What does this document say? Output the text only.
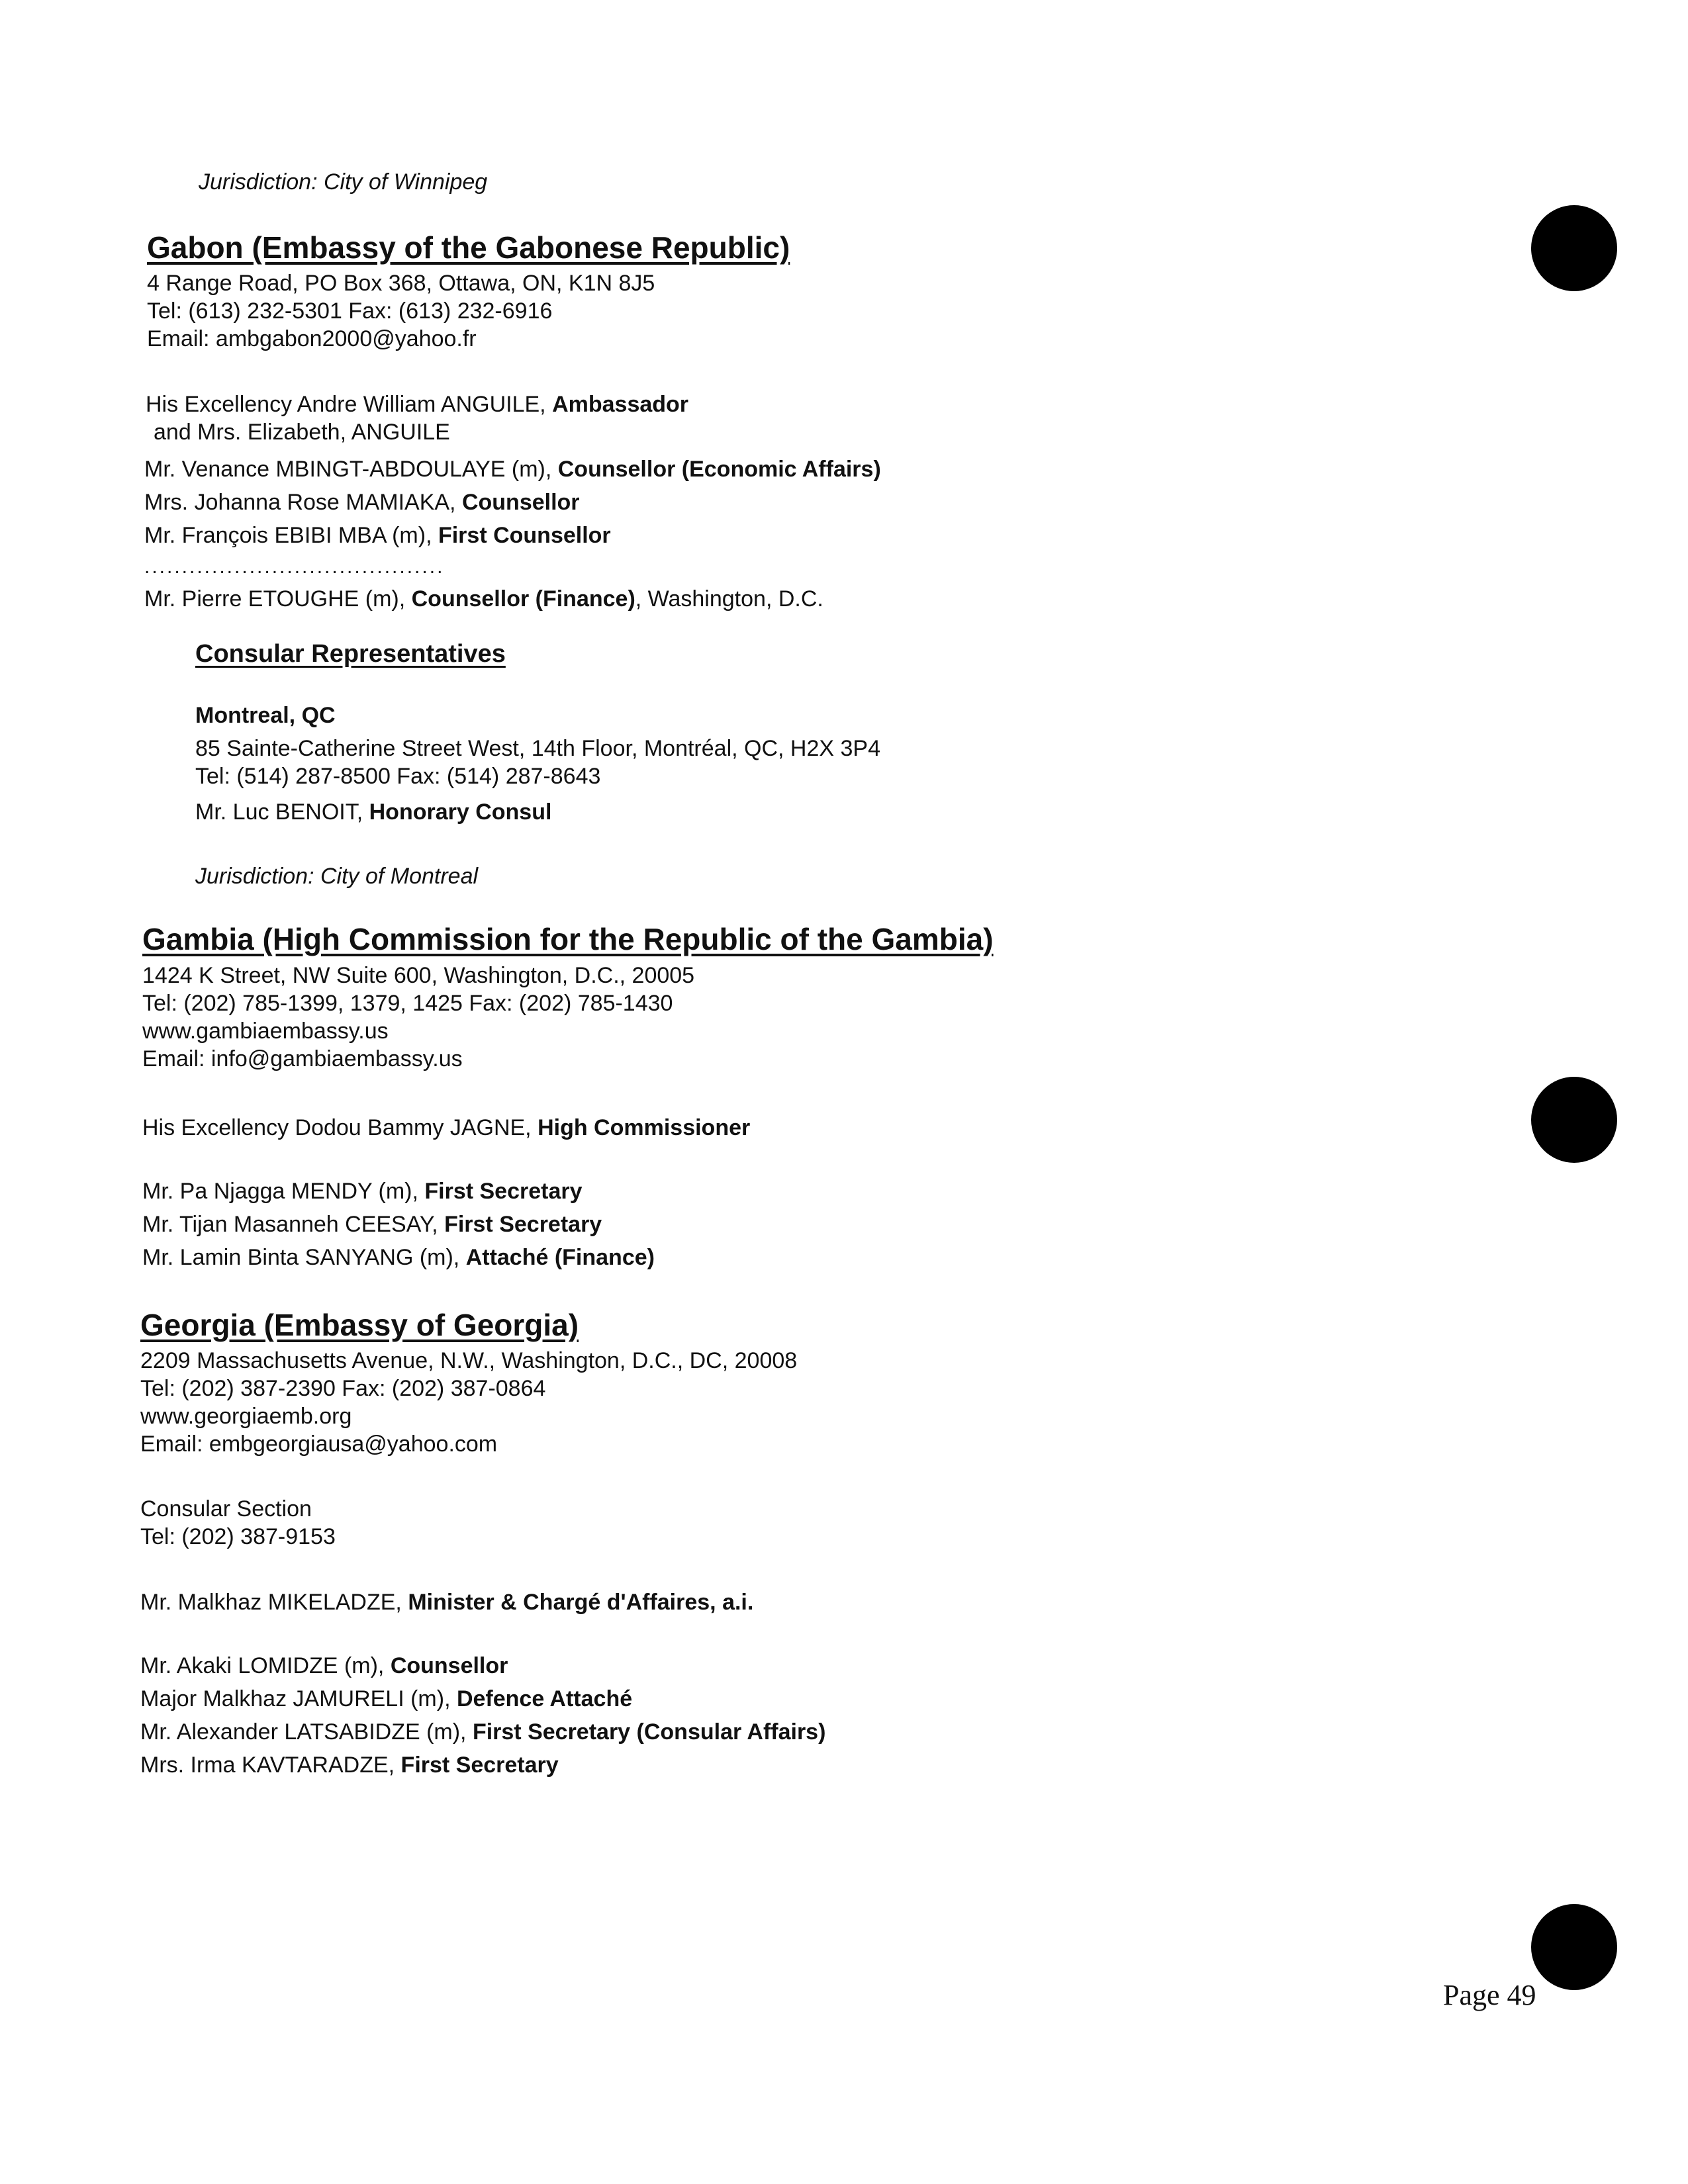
Jurisdiction: City of Winnipeg
Gabon (Embassy of the Gabonese Republic)
4 Range Road, PO Box 368, Ottawa, ON, K1N 8J5
Tel: (613) 232-5301 Fax: (613) 232-6916
Email: ambgabon2000@yahoo.fr
His Excellency Andre William ANGUILE, Ambassador
and Mrs. Elizabeth, ANGUILE
Mr. Venance MBINGT-ABDOULAYE (m), Counsellor (Economic Affairs)
Mrs. Johanna Rose MAMIAKA, Counsellor
Mr. François EBIBI MBA (m), First Counsellor
........................................
Mr. Pierre ETOUGHE (m), Counsellor (Finance), Washington, D.C.
Consular Representatives
Montreal, QC
85 Sainte-Catherine Street West, 14th Floor, Montréal, QC, H2X 3P4
Tel: (514) 287-8500 Fax: (514) 287-8643
Mr. Luc BENOIT, Honorary Consul
Jurisdiction: City of Montreal
Gambia (High Commission for the Republic of the Gambia)
1424 K Street, NW Suite 600, Washington, D.C., 20005
Tel: (202) 785-1399, 1379, 1425 Fax: (202) 785-1430
www.gambiaembassy.us
Email: info@gambiaembassy.us
His Excellency Dodou Bammy JAGNE, High Commissioner
Mr. Pa Njagga MENDY (m), First Secretary
Mr. Tijan Masanneh CEESAY, First Secretary
Mr. Lamin Binta SANYANG (m), Attaché (Finance)
Georgia (Embassy of Georgia)
2209 Massachusetts Avenue, N.W., Washington, D.C., DC, 20008
Tel: (202) 387-2390 Fax: (202) 387-0864
www.georgiaemb.org
Email: embgeorgiausa@yahoo.com
Consular Section
Tel: (202) 387-9153
Mr. Malkhaz MIKELADZE, Minister & Chargé d'Affaires, a.i.
Mr. Akaki LOMIDZE (m), Counsellor
Major Malkhaz JAMURELI (m), Defence Attaché
Mr. Alexander LATSABIDZE (m), First Secretary (Consular Affairs)
Mrs. Irma KAVTARADZE, First Secretary
Page 49
